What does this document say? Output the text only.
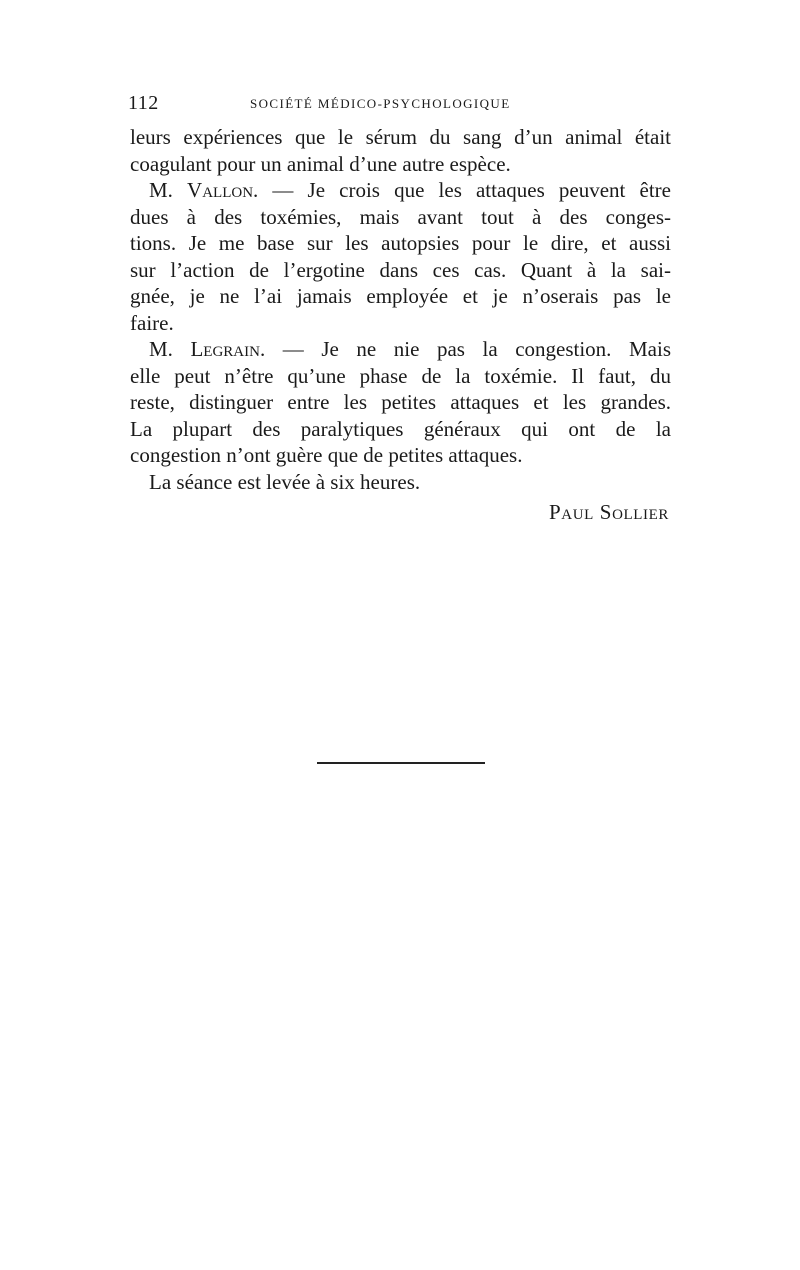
112	SOCIÉTÉ MÉDICO-PSYCHOLOGIQUE
leurs expériences que le sérum du sang d’un animal était
coagulant pour un animal d’une autre espèce.
M. Vallon. — Je crois que les attaques peuvent être
dues à des toxémies, mais avant tout à des conges-
tions. Je me base sur les autopsies pour le dire, et aussi
sur l’action de l’ergotine dans ces cas. Quant à la sai-
gnée, je ne l’ai jamais employée et je n’oserais pas le
faire.
M. Legrain. — Je ne nie pas la congestion. Mais
elle peut n’être qu’une phase de la toxémie. Il faut, du
reste, distinguer entre les petites attaques et les grandes.
La plupart des paralytiques généraux qui ont de la
congestion n’ont guère que de petites attaques.
La séance est levée à six heures.
Paul Sollier
